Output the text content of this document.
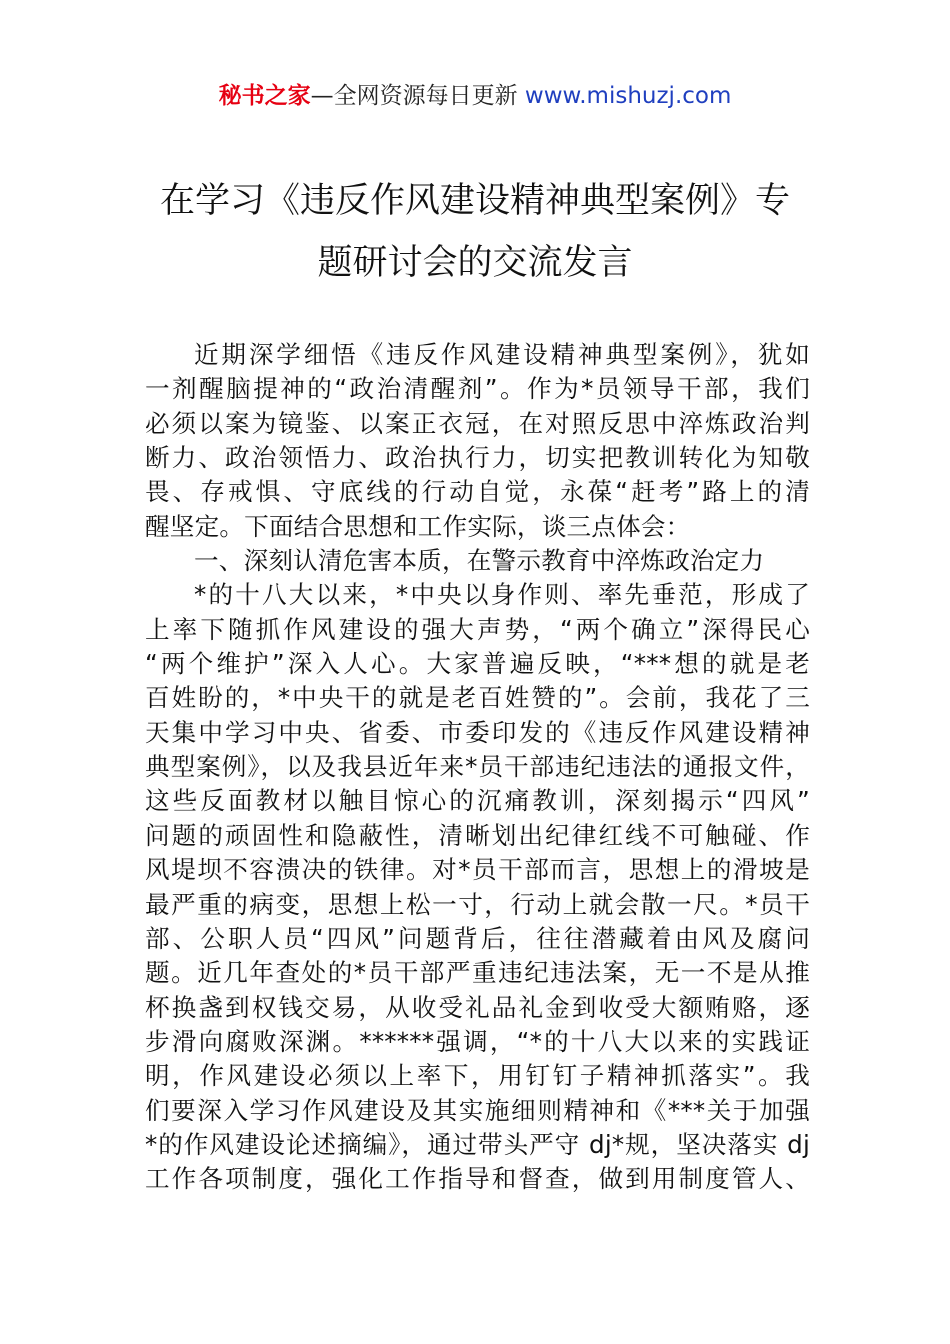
秘书之家—全网资源每日更新 www.mishuzj.com
在学习《违反作风建设精神典型案例》专
题研讨会的交流发言
近期深学细悟《违反作风建设精神典型案例》，犹如
一剂醒脑提神的“政治清醒剂”。作为*员领导干部，我们
必须以案为镜鉴、以案正衣冠，在对照反思中淬炼政治判
断力、政治领悟力、政治执行力，切实把教训转化为知敬
畏、存戒惧、守底线的行动自觉，永葆“赶考”路上的清
醒坚定。下面结合思想和工作实际，谈三点体会：
一、深刻认清危害本质，在警示教育中淬炼政治定力
*的十八大以来，*中央以身作则、率先垂范，形成了
上率下随抓作风建设的强大声势，“两个确立”深得民心
“两个维护”深入人心。大家普遍反映，“***想的就是老
百姓盼的，*中央干的就是老百姓赞的”。会前，我花了三
天集中学习中央、省委、市委印发的《违反作风建设精神
典型案例》，以及我县近年来*员干部违纪违法的通报文件，
这些反面教材以触目惊心的沉痛教训，深刻揭示“四风”
问题的顽固性和隐蔽性，清晰划出纪律红线不可触碰、作
风堤坝不容溃决的铁律。对*员干部而言，思想上的滑坡是
最严重的病变，思想上松一寸，行动上就会散一尺。*员干
部、公职人员“四风”问题背后，往往潜藏着由风及腐问
题。近几年查处的*员干部严重违纪违法案，无一不是从推
杯换盏到权钱交易，从收受礼品礼金到收受大额贿赂，逐
步滑向腐败深渊。******强调，“*的十八大以来的实践证
明，作风建设必须以上率下，用钉钉子精神抓落实”。我
们要深入学习作风建设及其实施细则精神和《***关于加强
*的作风建设论述摘编》，通过带头严守 dj*规，坚决落实 dj
工作各项制度，强化工作指导和督查，做到用制度管人、
